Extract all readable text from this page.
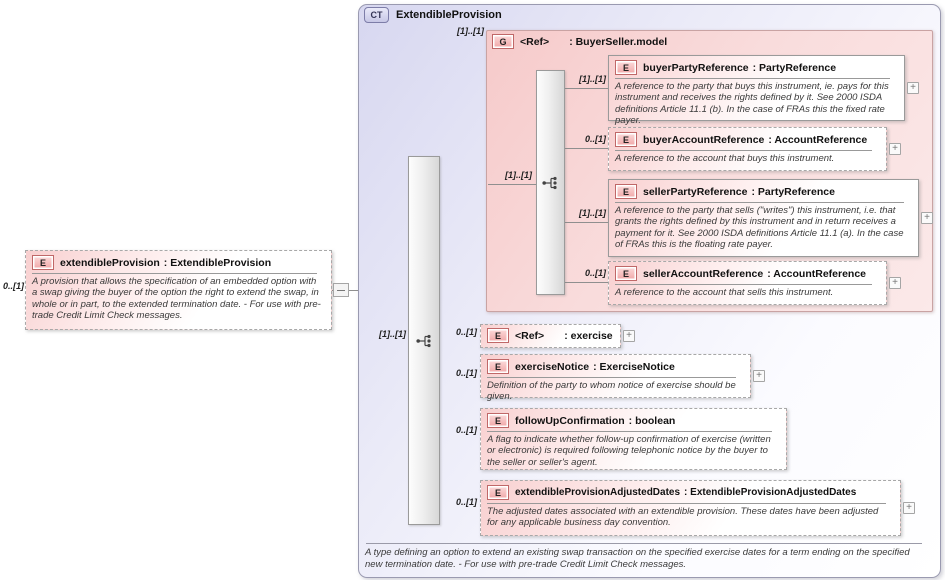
0..[1]
E	extendibleProvision : ExtendibleProvision
A provision that allows the specification of an embedded option with a swap giving the buyer of the option the right to extend the swap, in whole or in part, to the extended termination date. - For use with pre-trade Credit Limit Check messages.
CT	ExtendibleProvision
A type defining an option to extend an existing swap transaction on the specified exercise dates for a term ending on the specified new termination date. - For use with pre-trade Credit Limit Check messages.
[1]..[1]
[1]..[1]
G	<Ref> : BuyerSeller.model
[1]..[1]
[1]..[1]
E	buyerPartyReference : PartyReference
A reference to the party that buys this instrument, ie. pays for this instrument and receives the rights defined by it. See 2000 ISDA definitions Article 11.1 (b). In the case of FRAs this the fixed rate payer.
+
0..[1]	E	buyerAccountReference : AccountReference
A reference to the account that buys this instrument.
+
[1]..[1]
E	sellerPartyReference : PartyReference
A reference to the party that sells ("writes") this instrument, i.e. that grants the rights defined by this instrument and in return receives a payment for it. See 2000 ISDA definitions Article 11.1 (a). In the case of FRAs this is the floating rate payer.
+
0..[1]	E	sellerAccountReference : AccountReference
A reference to the account that sells this instrument.
+
0..[1]	E	<Ref> : exercise	+
0..[1]
E	exerciseNotice : ExerciseNotice
Definition of the party to whom notice of exercise should be given.
+
0..[1]
E	followUpConfirmation : boolean
A flag to indicate whether follow-up confirmation of exercise (written or electronic) is required following telephonic notice by the buyer to the seller or seller's agent.
0..[1]
E	extendibleProvisionAdjustedDates : ExtendibleProvisionAdjustedDates
The adjusted dates associated with an extendible provision. These dates have been adjusted for any applicable business day convention.
+
